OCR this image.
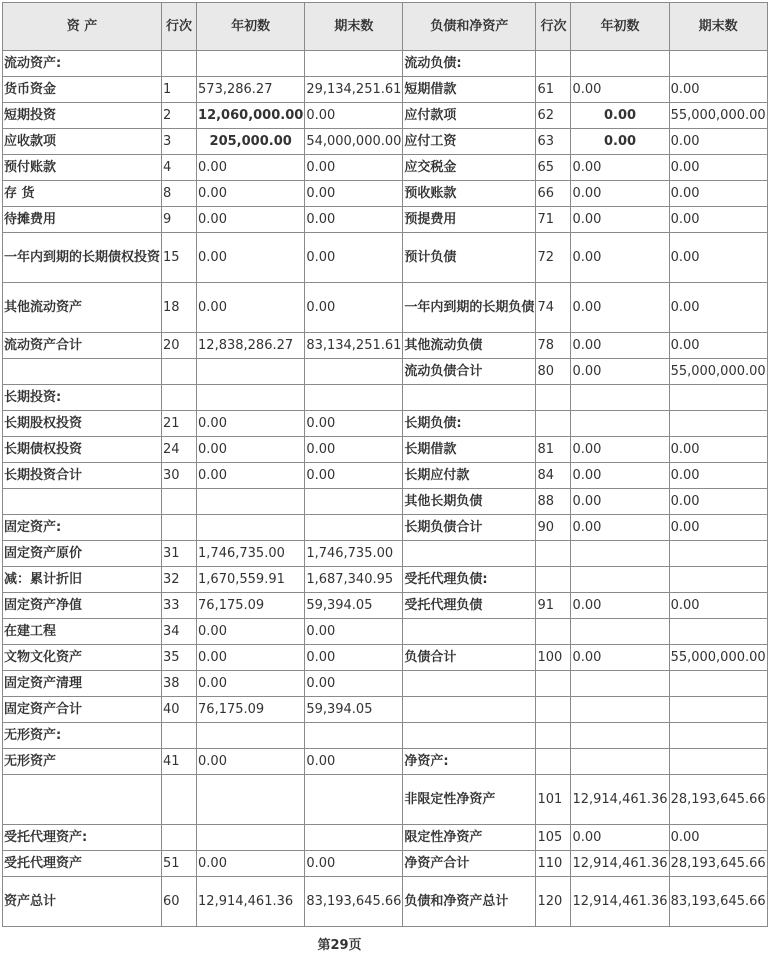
资 产	行次	年初数	期末数	负债和净资产	行次	年初数	期末数
流动资产:				流动负债:			
货币资金	1	573,286.27	29,134,251.61	短期借款	61	0.00	0.00
短期投资	2	12,060,000.00	0.00	应付款项	62	0.00	55,000,000.00
应收款项	3	205,000.00	54,000,000.00	应付工资	63	0.00	0.00
预付账款	4	0.00	0.00	应交税金	65	0.00	0.00
存 货	8	0.00	0.00	预收账款	66	0.00	0.00
待摊费用	9	0.00	0.00	预提费用	71	0.00	0.00
一年内到期的长期债权投资	15	0.00	0.00	预计负债	72	0.00	0.00
其他流动资产	18	0.00	0.00	一年内到期的长期负债	74	0.00	0.00
流动资产合计	20	12,838,286.27	83,134,251.61	其他流动负债	78	0.00	0.00
				流动负债合计	80	0.00	55,000,000.00
长期投资:							
长期股权投资	21	0.00	0.00	长期负债:			
长期债权投资	24	0.00	0.00	长期借款	81	0.00	0.00
长期投资合计	30	0.00	0.00	长期应付款	84	0.00	0.00
				其他长期负债	88	0.00	0.00
固定资产:				长期负债合计	90	0.00	0.00
固定资产原价	31	1,746,735.00	1,746,735.00				
减：累计折旧	32	1,670,559.91	1,687,340.95	受托代理负债:			
固定资产净值	33	76,175.09	59,394.05	受托代理负债	91	0.00	0.00
在建工程	34	0.00	0.00				
文物文化资产	35	0.00	0.00	负债合计	100	0.00	55,000,000.00
固定资产清理	38	0.00	0.00				
固定资产合计	40	76,175.09	59,394.05				
无形资产:							
无形资产	41	0.00	0.00	净资产:			
				非限定性净资产	101	12,914,461.36	28,193,645.66
受托代理资产:				限定性净资产	105	0.00	0.00
受托代理资产	51	0.00	0.00	净资产合计	110	12,914,461.36	28,193,645.66
资产总计	60	12,914,461.36	83,193,645.66	负债和净资产总计	120	12,914,461.36	83,193,645.66
第29页
